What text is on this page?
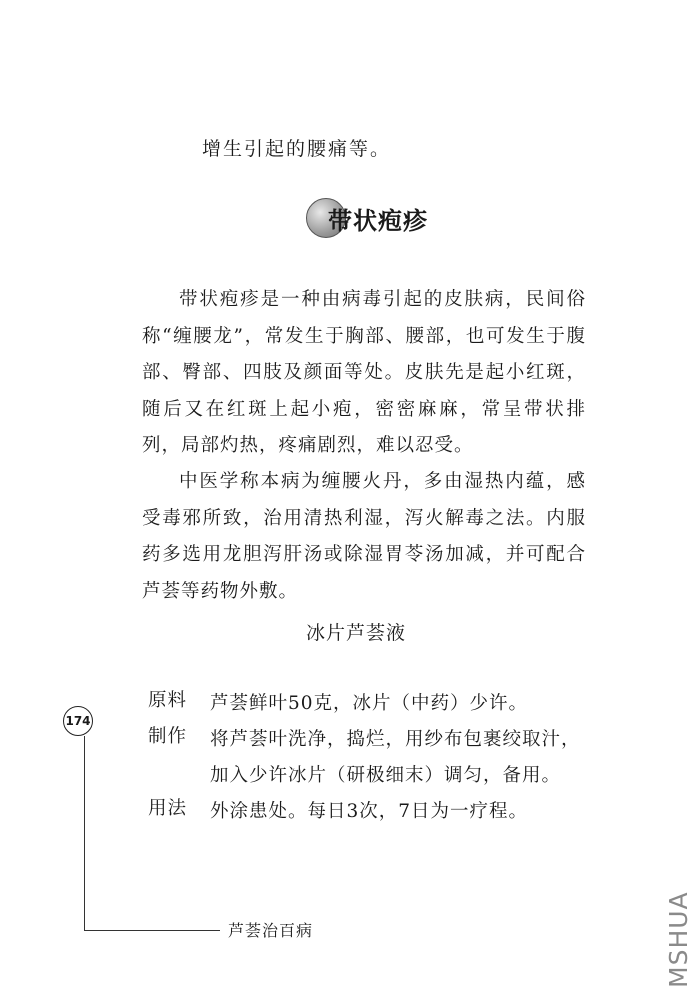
增生引起的腰痛等。
带状疱疹

带状疱疹是一种由病毒引起的皮肤病，民间俗称“缠腰龙”，常发生于胸部、腰部，也可发生于腹部、臀部、四肢及颜面等处。皮肤先是起小红斑，随后又在红斑上起小疱，密密麻麻，常呈带状排列，局部灼热，疼痛剧烈，难以忍受。

中医学称本病为缠腰火丹，多由湿热内蕴，感受毒邪所致，治用清热利湿，泻火解毒之法。内服药多选用龙胆泻肝汤或除湿胃苓汤加减，并可配合芦荟等药物外敷。

冰片芦荟液
原料	芦荟鲜叶50克，冰片（中药）少许。
制作	将芦荟叶洗净，捣烂，用纱布包裹绞取汁，加入少许冰片（研极细末）调匀，备用。
用法	外涂患处。每日3次，7日为一疗程。
174
芦荟治百病	MSHUA
